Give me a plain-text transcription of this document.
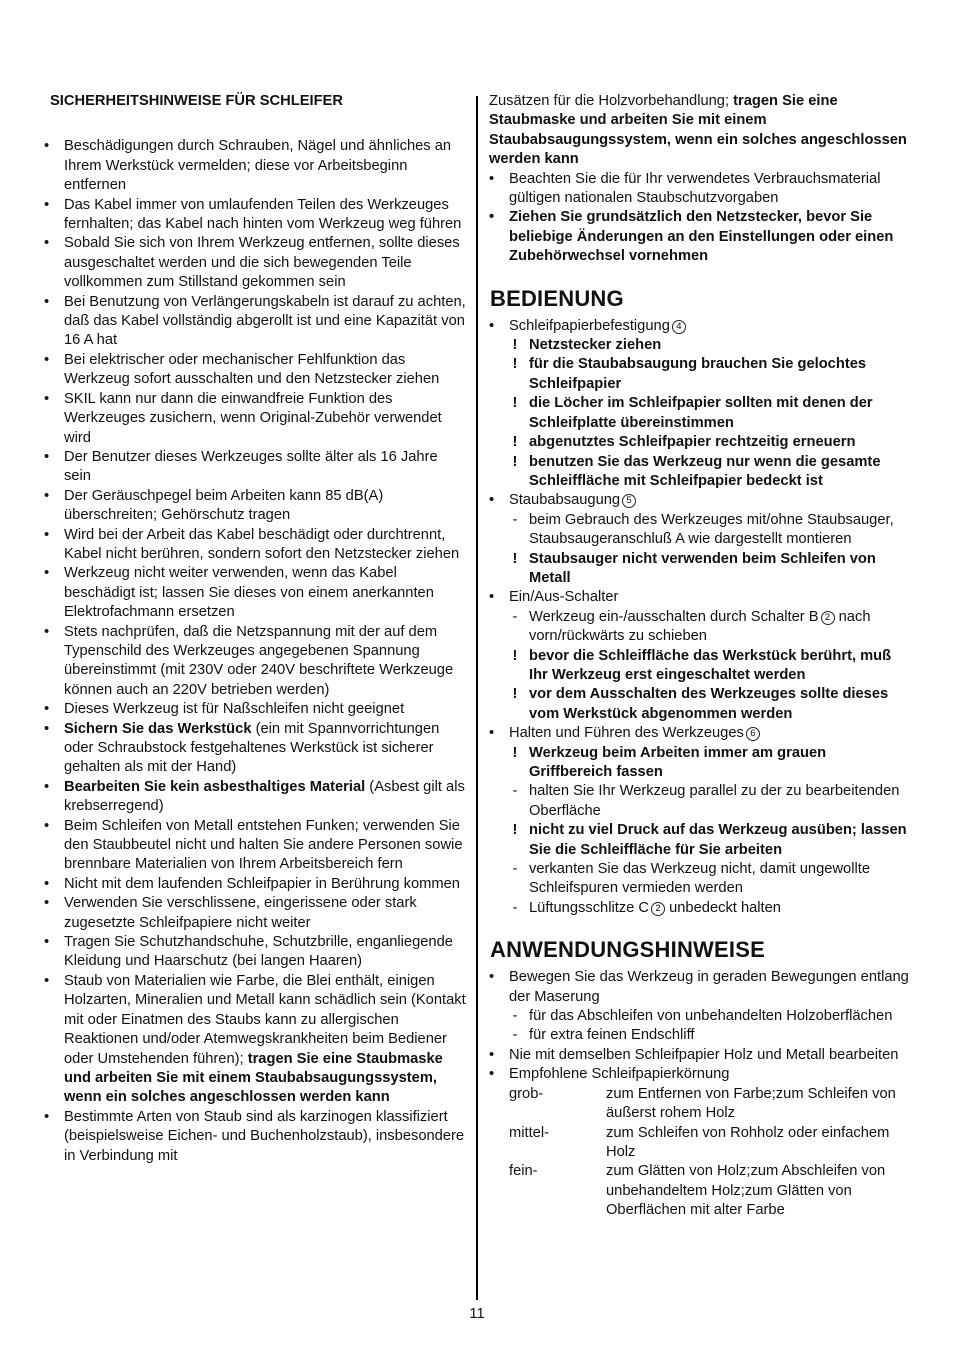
SICHERHEITSHINWEISE FÜR SCHLEIFER
• Beschädigungen durch Schrauben, Nägel und ähnliches an Ihrem Werkstück vermelden; diese vor Arbeitsbeginn entfernen
• Das Kabel immer von umlaufenden Teilen des Werkzeuges fernhalten; das Kabel nach hinten vom Werkzeug weg führen
• Sobald Sie sich von Ihrem Werkzeug entfernen, sollte dieses ausgeschaltet werden und die sich bewegenden Teile vollkommen zum Stillstand gekommen sein
• Bei Benutzung von Verlängerungskabeln ist darauf zu achten, daß das Kabel vollständig abgerollt ist und eine Kapazität von 16 A hat
• Bei elektrischer oder mechanischer Fehlfunktion das Werkzeug sofort ausschalten und den Netzstecker ziehen
• SKIL kann nur dann die einwandfreie Funktion des Werkzeuges zusichern, wenn Original-Zubehör verwendet wird
• Der Benutzer dieses Werkzeuges sollte älter als 16 Jahre sein
• Der Geräuschpegel beim Arbeiten kann 85 dB(A) überschreiten; Gehörschutz tragen
• Wird bei der Arbeit das Kabel beschädigt oder durchtrennt, Kabel nicht berühren, sondern sofort den Netzstecker ziehen
• Werkzeug nicht weiter verwenden, wenn das Kabel beschädigt ist; lassen Sie dieses von einem anerkannten Elektrofachmann ersetzen
• Stets nachprüfen, daß die Netzspannung mit der auf dem Typenschild des Werkzeuges angegebenen Spannung übereinstimmt (mit 230V oder 240V beschriftete Werkzeuge können auch an 220V betrieben werden)
• Dieses Werkzeug ist für Naßschleifen nicht geeignet
• Sichern Sie das Werkstück (ein mit Spannvorrichtungen oder Schraubstock festgehaltenes Werkstück ist sicherer gehalten als mit der Hand)
• Bearbeiten Sie kein asbesthaltiges Material (Asbest gilt als krebserregend)
• Beim Schleifen von Metall entstehen Funken; verwenden Sie den Staubbeutel nicht und halten Sie andere Personen sowie brennbare Materialien von Ihrem Arbeitsbereich fern
• Nicht mit dem laufenden Schleifpapier in Berührung kommen
• Verwenden Sie verschlissene, eingerissene oder stark zugesetzte Schleifpapiere nicht weiter
• Tragen Sie Schutzhandschuhe, Schutzbrille, enganliegende Kleidung und Haarschutz (bei langen Haaren)
• Staub von Materialien wie Farbe, die Blei enthält, einigen Holzarten, Mineralien und Metall kann schädlich sein (Kontakt mit oder Einatmen des Staubs kann zu allergischen Reaktionen und/oder Atemwegskrankheiten beim Bediener oder Umstehenden führen); tragen Sie eine Staubmaske und arbeiten Sie mit einem Staubabsaugungssystem, wenn ein solches angeschlossen werden kann
• Bestimmte Arten von Staub sind als karzinogen klassifiziert (beispielsweise Eichen- und Buchenholzstaub), insbesondere in Verbindung mit
Zusätzen für die Holzvorbehandlung; tragen Sie eine Staubmaske und arbeiten Sie mit einem Staubabsaugungssystem, wenn ein solches angeschlossen werden kann
• Beachten Sie die für Ihr verwendetes Verbrauchsmaterial gültigen nationalen Staubschutzvorgaben
• Ziehen Sie grundsätzlich den Netzstecker, bevor Sie beliebige Änderungen an den Einstellungen oder einen Zubehörwechsel vornehmen
BEDIENUNG
• Schleifpapierbefestigung 4
! Netzstecker ziehen
! für die Staubabsaugung brauchen Sie gelochtes Schleifpapier
! die Löcher im Schleifpapier sollten mit denen der Schleifplatte übereinstimmen
! abgenutztes Schleifpapier rechtzeitig erneuern
! benutzen Sie das Werkzeug nur wenn die gesamte Schleiffläche mit Schleifpapier bedeckt ist
• Staubabsaugung 5
- beim Gebrauch des Werkzeuges mit/ohne Staubsauger, Staubsaugeranschluß A wie dargestellt montieren
! Staubsauger nicht verwenden beim Schleifen von Metall
• Ein/Aus-Schalter
- Werkzeug ein-/ausschalten durch Schalter B 2 nach vorn/rückwärts zu schieben
! bevor die Schleiffläche das Werkstück berührt, muß Ihr Werkzeug erst eingeschaltet werden
! vor dem Ausschalten des Werkzeuges sollte dieses vom Werkstück abgenommen werden
• Halten und Führen des Werkzeuges 6
! Werkzeug beim Arbeiten immer am grauen Griffbereich fassen
- halten Sie Ihr Werkzeug parallel zu der zu bearbeitenden Oberfläche
! nicht zu viel Druck auf das Werkzeug ausüben; lassen Sie die Schleiffläche für Sie arbeiten
- verkanten Sie das Werkzeug nicht, damit ungewollte Schleifspuren vermieden werden
- Lüftungsschlitze C 2 unbedeckt halten
ANWENDUNGSHINWEISE
• Bewegen Sie das Werkzeug in geraden Bewegungen entlang der Maserung
- für das Abschleifen von unbehandelten Holzoberflächen
- für extra feinen Endschliff
• Nie mit demselben Schleifpapier Holz und Metall bearbeiten
• Empfohlene Schleifpapierkörnung
grob-	zum Entfernen von Farbe;zum Schleifen von äußerst rohem Holz
mittel-	zum Schleifen von Rohholz oder einfachem Holz
fein-	zum Glätten von Holz;zum Abschleifen von unbehandeltem Holz;zum Glätten von Oberflächen mit alter Farbe
11
